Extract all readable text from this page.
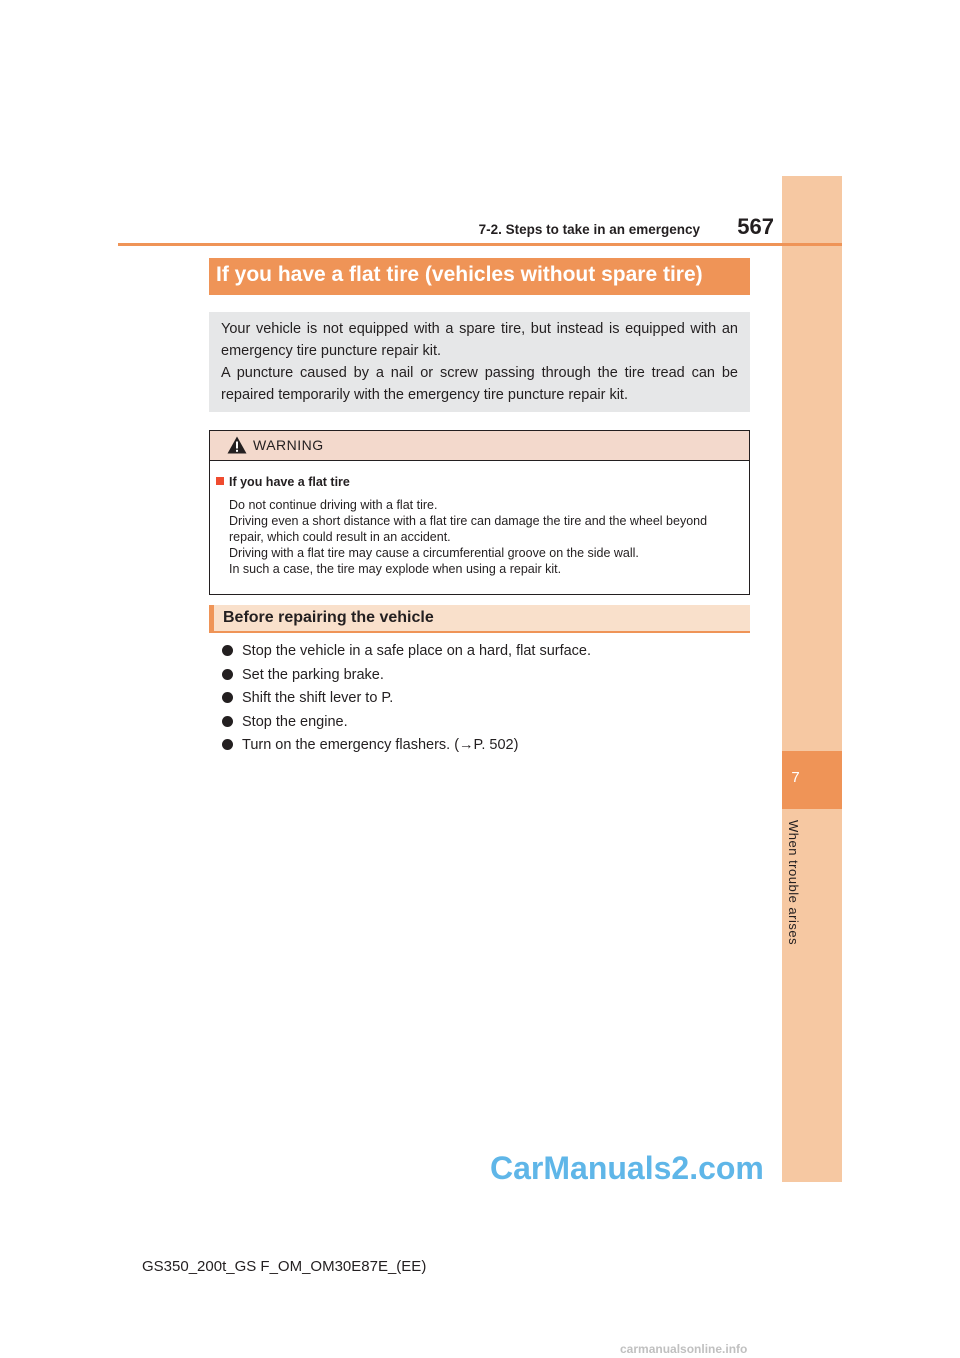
7
When trouble arises
7-2. Steps to take in an emergency	567
If you have a flat tire (vehicles without spare tire)

Your vehicle is not equipped with a spare tire, but instead is equipped with an emergency tire puncture repair kit.

A puncture caused by a nail or screw passing through the tire tread can be repaired temporarily with the emergency tire puncture repair kit.

WARNING
If you have a flat tire

Do not continue driving with a flat tire.

Driving even a short distance with a flat tire can damage the tire and the wheel beyond repair, which could result in an accident.

Driving with a flat tire may cause a circumferential groove on the side wall.

In such a case, the tire may explode when using a repair kit.

Before repairing the vehicle
Stop the vehicle in a safe place on a hard, flat surface.
Set the parking brake.
Shift the shift lever to P.
Stop the engine.
Turn on the emergency flashers. (→P. 502)
CarManuals2.com
GS350_200t_GS F_OM_OM30E87E_(EE)
carmanualsonline.info
